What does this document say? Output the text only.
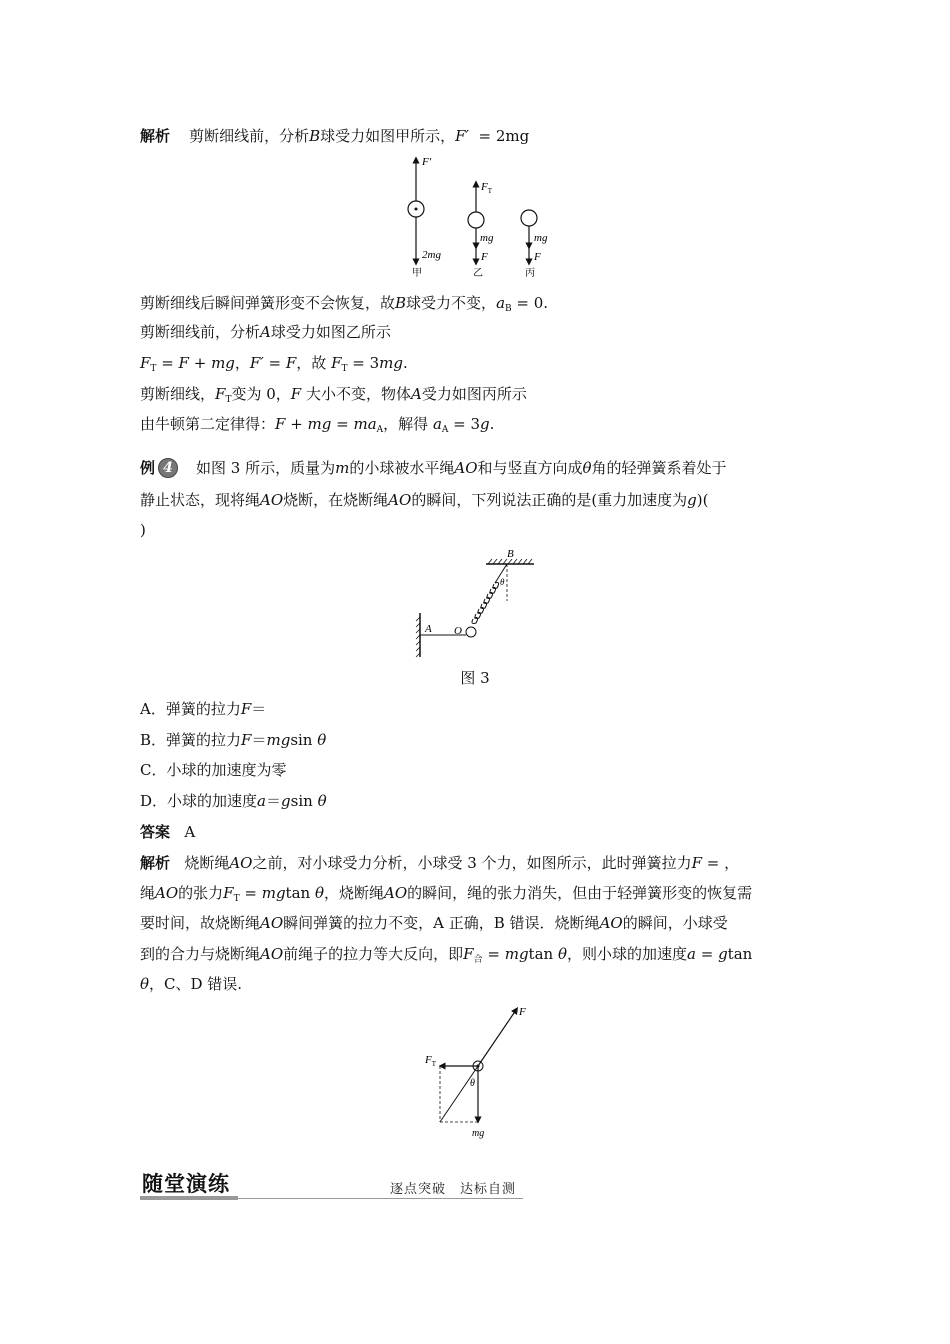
解析 剪断细线前，分析B球受力如图甲所示，F′ = 2mg
F′
2mg
甲
$F_T$
mg
F
乙
mg
F
丙
剪断细线后瞬间弹簧形变不会恢复，故B球受力不变，$a_B = 0$.
剪断细线前，分析A球受力如图乙所示
$F_T = F$ + mg，F′ = F，故 $F_T = 3mg$.
剪断细线，$F_T$变为 0，F 大小不变，物体A受力如图丙所示
由牛顿第二定律得：F + mg = $ma_A$，解得 $a_A = 3g$.
例 4 如图 3 所示，质量为m的小球被水平绳AO和与竖直方向成θ角的轻弹簧系着处于
静止状态，现将绳AO烧断，在烧断绳AO的瞬间，下列说法正确的是(重力加速度为g)(
)
B
θ
A O
图 3
A．弹簧的拉力F＝
B．弹簧的拉力F＝mgsin θ
C．小球的加速度为零
D．小球的加速度a＝gsin θ
答案 A
解析 烧断绳AO之前，对小球受力分析，小球受 3 个力，如图所示，此时弹簧拉力F = ，
绳AO的张力$F_T = mgtan$ θ，烧断绳AO的瞬间，绳的张力消失，但由于轻弹簧形变的恢复需
要时间，故烧断绳AO瞬间弹簧的拉力不变，A 正确，B 错误．烧断绳AO的瞬间，小球受
到的合力与烧断绳AO前绳子的拉力等大反向，即$F_合 = mgtan$ θ，则小球的加速度a = gtan
θ，C、D 错误.
F
$F_T$
mg
θ
随堂演练	逐点突破　达标自测
